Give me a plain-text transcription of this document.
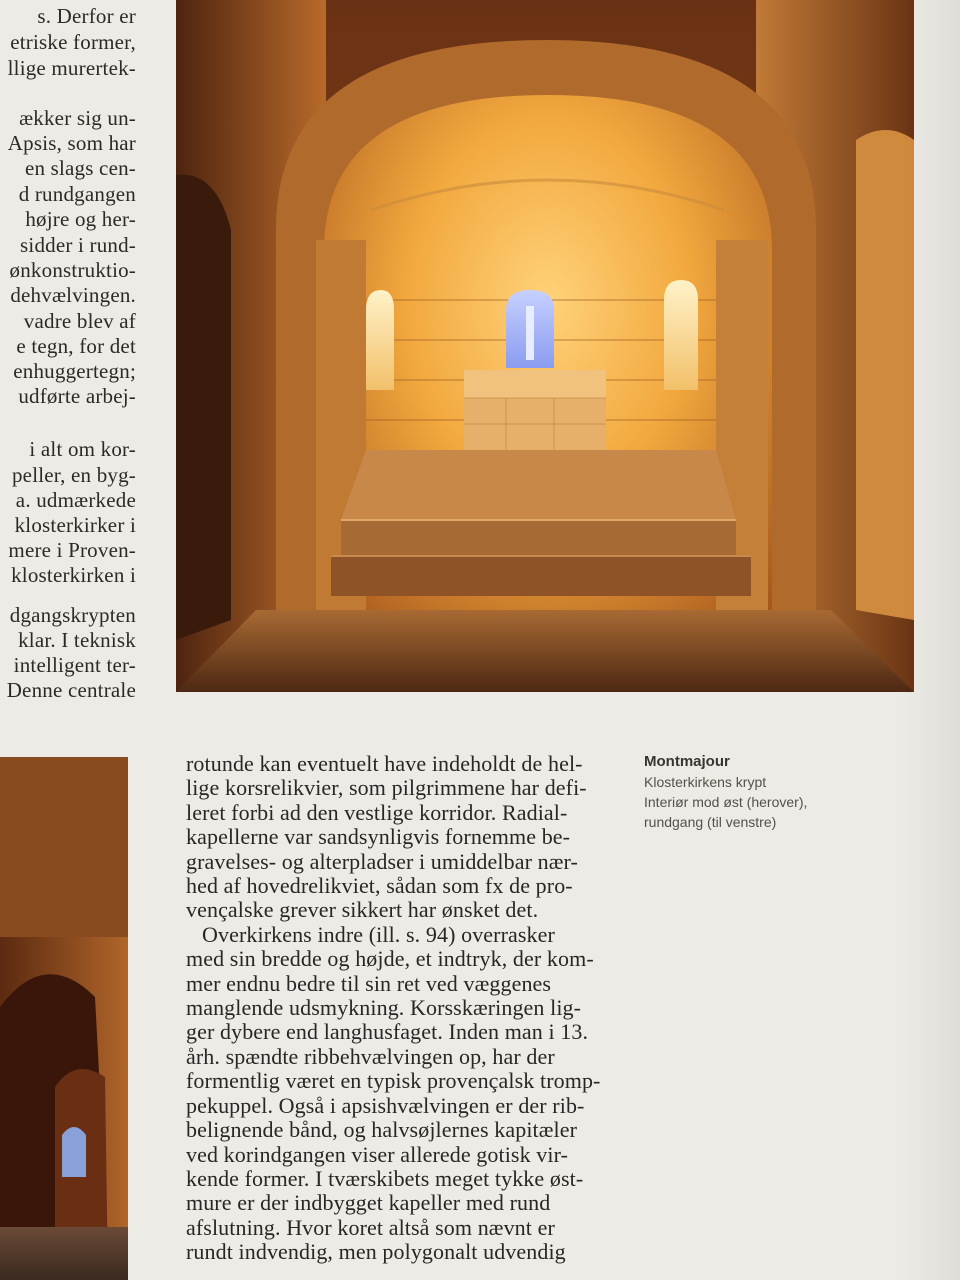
s. Derfor er
etriske former,
llige murertek-
ækker sig un-
Apsis, som har
en slags cen-
d rundgangen
højre og her-
sidder i rund-
ønkonstruktio-
dehvælvingen.
vadre blev af
e tegn, for det
enhuggertegn;
udførte arbej-
i alt om kor-
peller, en byg-
a. udmærkede
klosterkirker i
mere i Proven-
klosterkirken i
dgangskrypten
klar. I teknisk
intelligent ter-
Denne centrale
rotunde kan eventuelt have indeholdt de hel-
lige korsrelikvier, som pilgrimmene har defi-
leret forbi ad den vestlige korridor. Radial-
kapellerne var sandsynligvis fornemme be-
gravelses- og alterpladser i umiddelbar nær-
hed af hovedrelikviet, sådan som fx de pro-
vençalske grever sikkert har ønsket det.
Overkirkens indre (ill. s. 94) overrasker
med sin bredde og højde, et indtryk, der kom-
mer endnu bedre til sin ret ved væggenes
manglende udsmykning. Korsskæringen lig-
ger dybere end langhusfaget. Inden man i 13.
årh. spændte ribbehvælvingen op, har der
formentlig været en typisk provençalsk tromp-
pekuppel. Også i apsishvælvingen er der rib-
belignende bånd, og halvsøjlernes kapitæler
ved korindgangen viser allerede gotisk vir-
kende former. I tværskibets meget tykke øst-
mure er der indbygget kapeller med rund
afslutning. Hvor koret altså som nævnt er
rundt indvendig, men polygonalt udvendig
Montmajour
Klosterkirkens krypt
Interiør mod øst (herover),
rundgang (til venstre)
